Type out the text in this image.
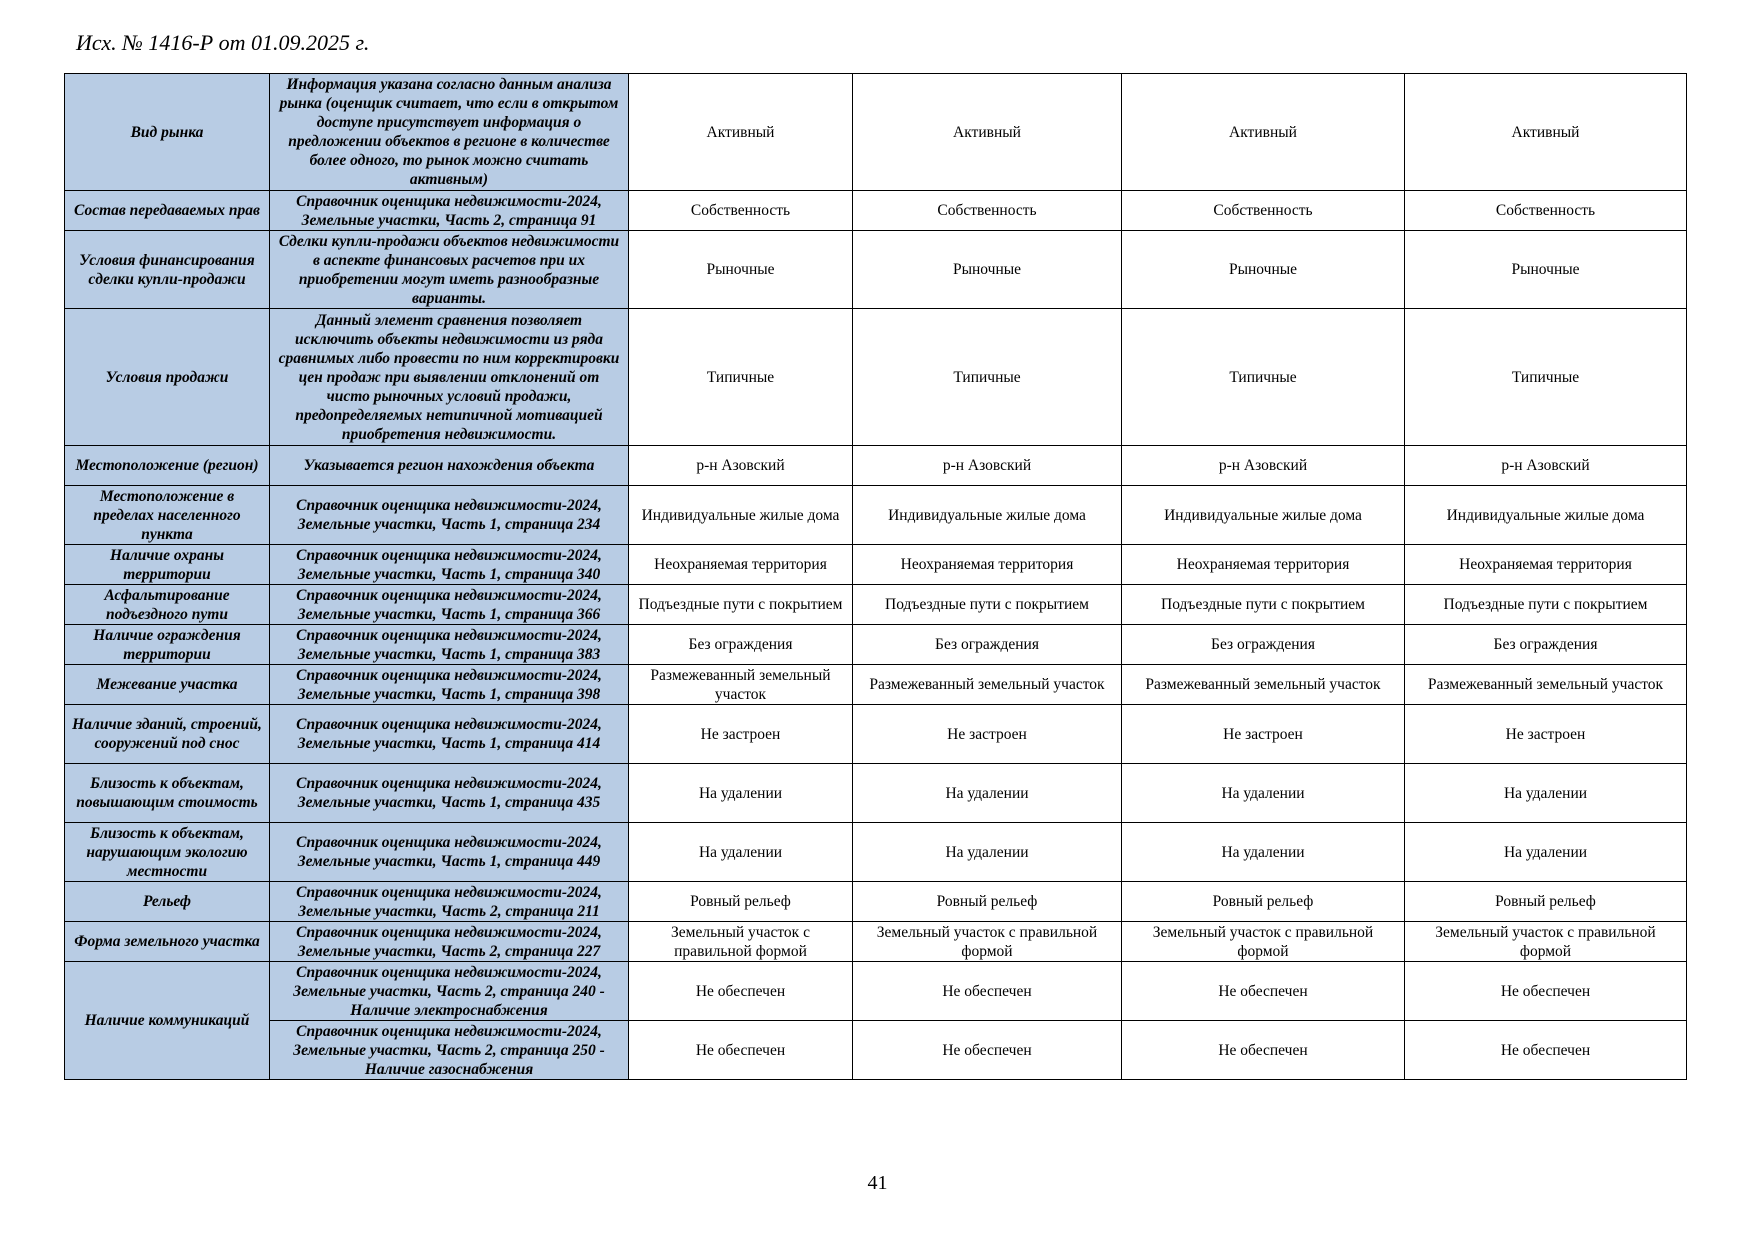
Исх. № 1416-Р от 01.09.2025 г.
Вид рынка	Информация указана согласно данным анализа рынка (оценщик считает, что если в открытом доступе присутствует информация о предложении объектов в регионе в количестве более одного, то рынок можно считать активным)	Активный	Активный	Активный	Активный
Состав передаваемых прав	Справочник оценщика недвижимости-2024, Земельные участки, Часть 2, страница 91	Собственность	Собственность	Собственность	Собственность
Условия финансирования сделки купли-продажи	Сделки купли-продажи объектов недвижимости в аспекте финансовых расчетов при их приобретении могут иметь разнообразные варианты.	Рыночные	Рыночные	Рыночные	Рыночные
Условия продажи	Данный элемент сравнения позволяет исключить объекты недвижимости из ряда сравнимых либо провести по ним корректировки цен продаж при выявлении отклонений от чисто рыночных условий продажи, предопределяемых нетипичной мотивацией приобретения недвижимости.	Типичные	Типичные	Типичные	Типичные
Местоположение (регион)	Указывается регион нахождения объекта	р-н Азовский	р-н Азовский	р-н Азовский	р-н Азовский
Местоположение в пределах населенного пункта	Справочник оценщика недвижимости-2024, Земельные участки, Часть 1, страница 234	Индивидуальные жилые дома	Индивидуальные жилые дома	Индивидуальные жилые дома	Индивидуальные жилые дома
Наличие охраны территории	Справочник оценщика недвижимости-2024, Земельные участки, Часть 1, страница 340	Неохраняемая территория	Неохраняемая территория	Неохраняемая территория	Неохраняемая территория
Асфальтирование подъездного пути	Справочник оценщика недвижимости-2024, Земельные участки, Часть 1, страница 366	Подъездные пути с покрытием	Подъездные пути с покрытием	Подъездные пути с покрытием	Подъездные пути с покрытием
Наличие ограждения территории	Справочник оценщика недвижимости-2024, Земельные участки, Часть 1, страница 383	Без ограждения	Без ограждения	Без ограждения	Без ограждения
Межевание участка	Справочник оценщика недвижимости-2024, Земельные участки, Часть 1, страница 398	Размежеванный земельный участок	Размежеванный земельный участок	Размежеванный земельный участок	Размежеванный земельный участок
Наличие зданий, строений, сооружений под снос	Справочник оценщика недвижимости-2024, Земельные участки, Часть 1, страница 414	Не застроен	Не застроен	Не застроен	Не застроен
Близость к объектам, повышающим стоимость	Справочник оценщика недвижимости-2024, Земельные участки, Часть 1, страница 435	На удалении	На удалении	На удалении	На удалении
Близость к объектам, нарушающим экологию местности	Справочник оценщика недвижимости-2024, Земельные участки, Часть 1, страница 449	На удалении	На удалении	На удалении	На удалении
Рельеф	Справочник оценщика недвижимости-2024, Земельные участки, Часть 2, страница 211	Ровный рельеф	Ровный рельеф	Ровный рельеф	Ровный рельеф
Форма земельного участка	Справочник оценщика недвижимости-2024, Земельные участки, Часть 2, страница 227	Земельный участок с правильной формой	Земельный участок с правильной формой	Земельный участок с правильной формой	Земельный участок с правильной формой
Наличие коммуникаций	Справочник оценщика недвижимости-2024, Земельные участки, Часть 2, страница 240 - Наличие электроснабжения	Не обеспечен	Не обеспечен	Не обеспечен	Не обеспечен
	Справочник оценщика недвижимости-2024, Земельные участки, Часть 2, страница 250 - Наличие газоснабжения	Не обеспечен	Не обеспечен	Не обеспечен	Не обеспечен
41
